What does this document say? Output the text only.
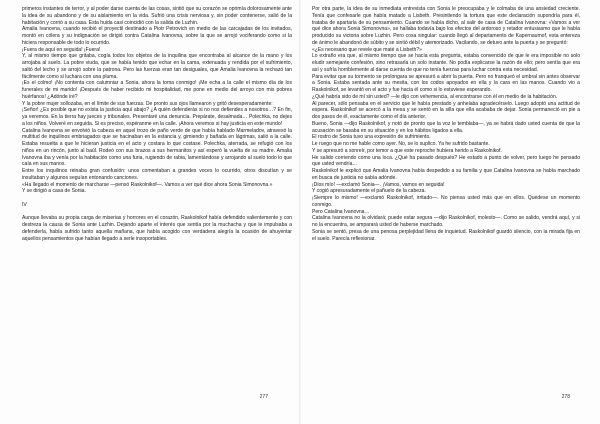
primeros instantes de terror, y al poder darse cuenta de las cosas, sintió que su corazón se oprimía dolorosamente ante la idea de su abandono y de su aislamiento en la vida. Sufrió una crisis nerviosa y, sin poder contenerse, salió de la habitación y corrió a su casa. Esta huida casi coincidió con la salida de Luzhin.

Amalia Ivanovna, cuando recibió el proyectil destinado a Piotr Petrovich en medio de las carcajadas de los invitados, montó en cólera y su indignación se dirigió contra Catalina Ivanovna, sobre la que se arrojó vociferando como si la hiciera responsable de todo lo ocurrido.

¡Fuera de aquí en seguida! ¡Fuera!

Y, al mismo tiempo que gritaba, cogía todos los objetos de la inquilina que encontraba al alcance de la mano y los arrojaba al suelo. La pobre viuda, que se había tenido que echar en la cama, extenuada y rendida por el sufrimiento, saltó del lecho y se arrojó sobre la patrona. Pero las fuerzas eran tan desiguales, que Amalia Ivanovna la rechazó tan fácilmente como si luchara con una pluma.

¡Es el colmo! ¡No contenta con calumniar a Sonia, ahora la toma conmigo! ¡Me echa a la calle el mismo día de los funerales de mi marido! ¡Después de haber recibido mi hospitalidad, me pone en medio del arroyo con mis pobres huérfanos! ¿Adónde iré?

Y la pobre mujer sollozaba, en el límite de sus fuerzas. De pronto sus ojos llamearon y gritó desesperadamente:

¡Señor! ¿Es posible que no exista la justicia aquí abajo? ¿A quién defenderás si no nos defiendes a nosotros…? En fin, ya veremos. En la tierra hay jueces y tribunales. Presentaré una denuncia. Prepárate, desalmada… Polechka, no dejes a los niños. Volveré en seguida. Si es preciso, espéranme en la calle. ¡Ahora veremos si hay justicia en este mundo!

Catalina Ivanovna se envolvió la cabeza en aquel trozo de paño verde de que había hablado Marmeladov, atravesó la multitud de inquilinos embriagados que se hacinaban en la estancia y, gimiendo y bañada en lágrimas, salió a la calle. Estaba resuelta a que le hicieran justicia en el acto y costara lo que costase. Polechka, aterrada, se refugió con los niños en un rincón, junto al baúl. Rodeó con sus brazos a sus hermanitos y así esperó la vuelta de su madre. Amalia Ivanovna iba y venía por la habitación como una furia, rugiendo de rabia, lamentándose y arrojando al suelo todo lo que caía en sus manos.

Entre los inquilinos reinaba gran confusión: unos comentaban a grandes voces lo ocurrido, otros discutían y se insultaban y algunos seguían entonando canciones.

«Ha llegado el momento de marcharse —pensó Raskolnikof—. Vamos a ver qué dice ahora Sonia Simonovna.»

Y se dirigió a casa de Sonia.

IV

Aunque llevaba su propia carga de miserias y horrores en el corazón, Raskolnikof había defendido valientemente y con destreza la causa de Sonia ante Luzhin. Dejando aparte el interés que sentía por la muchacha y que le impulsaba a defenderla, había sufrido tanto aquella mañana, que había acogido con verdadera alegría la ocasión de ahuyentar aquellos pensamientos que habían llegado a serle insoportables.

277

Por otra parte, la idea de su inmediata entrevista con Sonia le preocupaba y le colmaba de una ansiedad creciente. Tenía que confesarle que había matado a Lisbeth. Presintiendo la tortura que este declaración supondría para él, trataba de apartarla de su pensamiento. Cuando se había dicho, al salir de casa de Catalina Ivanovna: «Vamos a ver qué dice ahora Sonia Simonovna», se hallaba todavía bajo los efectos del ardoroso y retador entusiasmo que le había producido su victoria sobre Luzhin. Pero cosa singular: cuando llegó al departamento de Kapernaumof, esta entereza de ánimo le abandonó de súbito y se sintió débil y atemorizado. Vacilando, se detuvo ante la puerta y se preguntó:

«¿Es necesario que revele que maté a Lisbeth?»

Lo extraño era que, al mismo tiempo que se hacía esta pregunta, estaba convencido de que le era imposible no solo eludir semejante confesión, sino retrasarla un solo instante. No podía explicarse la razón de ello; pero sentía que era así y sufría horriblemente al darse cuenta de que no tenía fuerzas para luchar contra esta necesidad.

Para evitar que su tormento se prolongara se apresuró a abrir la puerta. Pero no franqueó el umbral sin antes observar a Sonia. Estaba sentada ante su mesita, con los codos apoyados en ella y la cara en las manos. Cuando vio a Raskolnikof, se levantó en el acto y fue hacia él como si lo estuviese esperando.

¿Qué habría sido de mí sin usted? —le dijo con vehemencia, al encontrarse con él en medio de la habitación.

Al parecer, sólo pensaba en el servicio que le había prestado y anhelaba agradecérselo. Luego adoptó una actitud de espera. Raskolnikof se acercó a la mesa y se sentó en la silla que ella acababa de dejar. Sonia permaneció en pie a dos pasos de él, exactamente como el día anterior.

Bueno, Sonia —dijo Raskolnikof, y notó de pronto que la voz le temblaba—, ya se habrá dado usted cuenta de que la acusación se basaba en su situación y en los hábitos ligados a ella.

El rostro de Sonia tuvo una expresión de sufrimiento.

Le ruego que no me hable como ayer. No, se lo suplico. Ya he sufrido bastante.

Y se apresuró a sonreír, por temor a que este reproche hubiera herido a Raskolnikof.

He salido corriendo como una loca. ¿Qué ha pasado después? He estado a punto de volver, pero luego he pensado que usted vendría…

Raskolnikof le explicó que Amalia Ivanovna había despedido a su familia y que Catalina Ivanovna se había marchado en busca de justicia no sabía adónde.

¡Dios mío! —exclamó Sonia—. ¡Vamos, vamos en seguida!

Y cogió apresuradamente el pañuelo de la cabeza.

¡Siempre lo mismo! —exclamó Raskolnikof, irritado—. No piensa usted más que en ellos. Quédese un momento conmigo.

Pero Catalina Ivanovna…

Catalina Ivanovna no la olvidará; puede estar segura —dijo Raskolnikof, molesto—. Como se salido, vendrá aquí, y si no la encuentra, se amparará usted de haberse marchado.

Sonia se sentó, presa de una penosa perplejidad llena de inquietud. Raskolnikof guardó silencio, con la mirada fija en el suelo. Parecía reflexionar.

278
